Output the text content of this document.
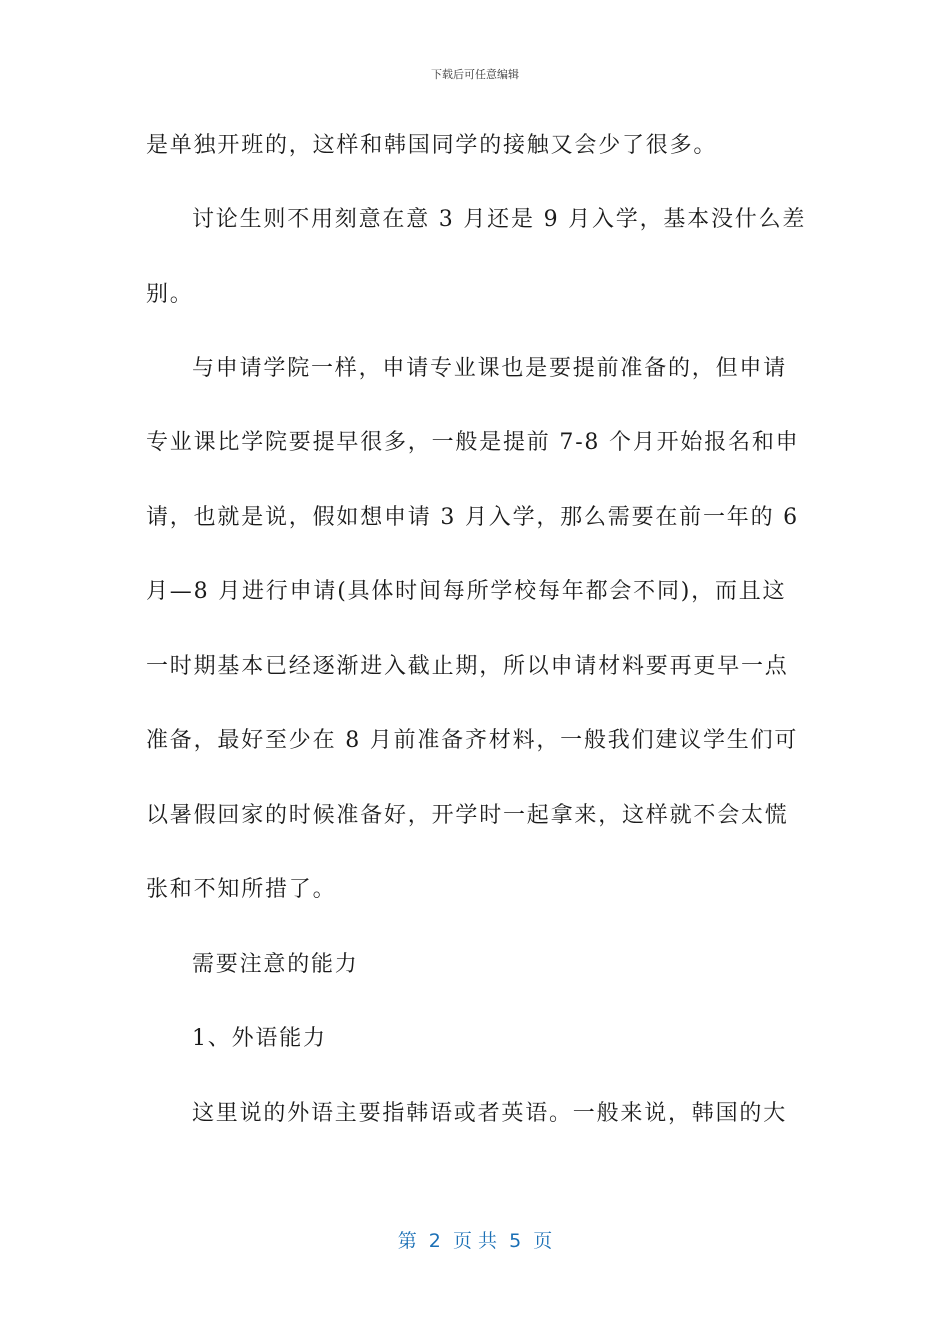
下载后可任意编辑
是单独开班的，这样和韩国同学的接触又会少了很多。
讨论生则不用刻意在意 3 月还是 9 月入学，基本没什么差
别。
与申请学院一样，申请专业课也是要提前准备的，但申请
专业课比学院要提早很多，一般是提前 7-8 个月开始报名和申
请，也就是说，假如想申请 3 月入学，那么需要在前一年的 6
月—8 月进行申请(具体时间每所学校每年都会不同)，而且这
一时期基本已经逐渐进入截止期，所以申请材料要再更早一点
准备，最好至少在 8 月前准备齐材料，一般我们建议学生们可
以暑假回家的时候准备好，开学时一起拿来，这样就不会太慌
张和不知所措了。
需要注意的能力
1、外语能力
这里说的外语主要指韩语或者英语。一般来说，韩国的大
第  2  页 共  5  页
